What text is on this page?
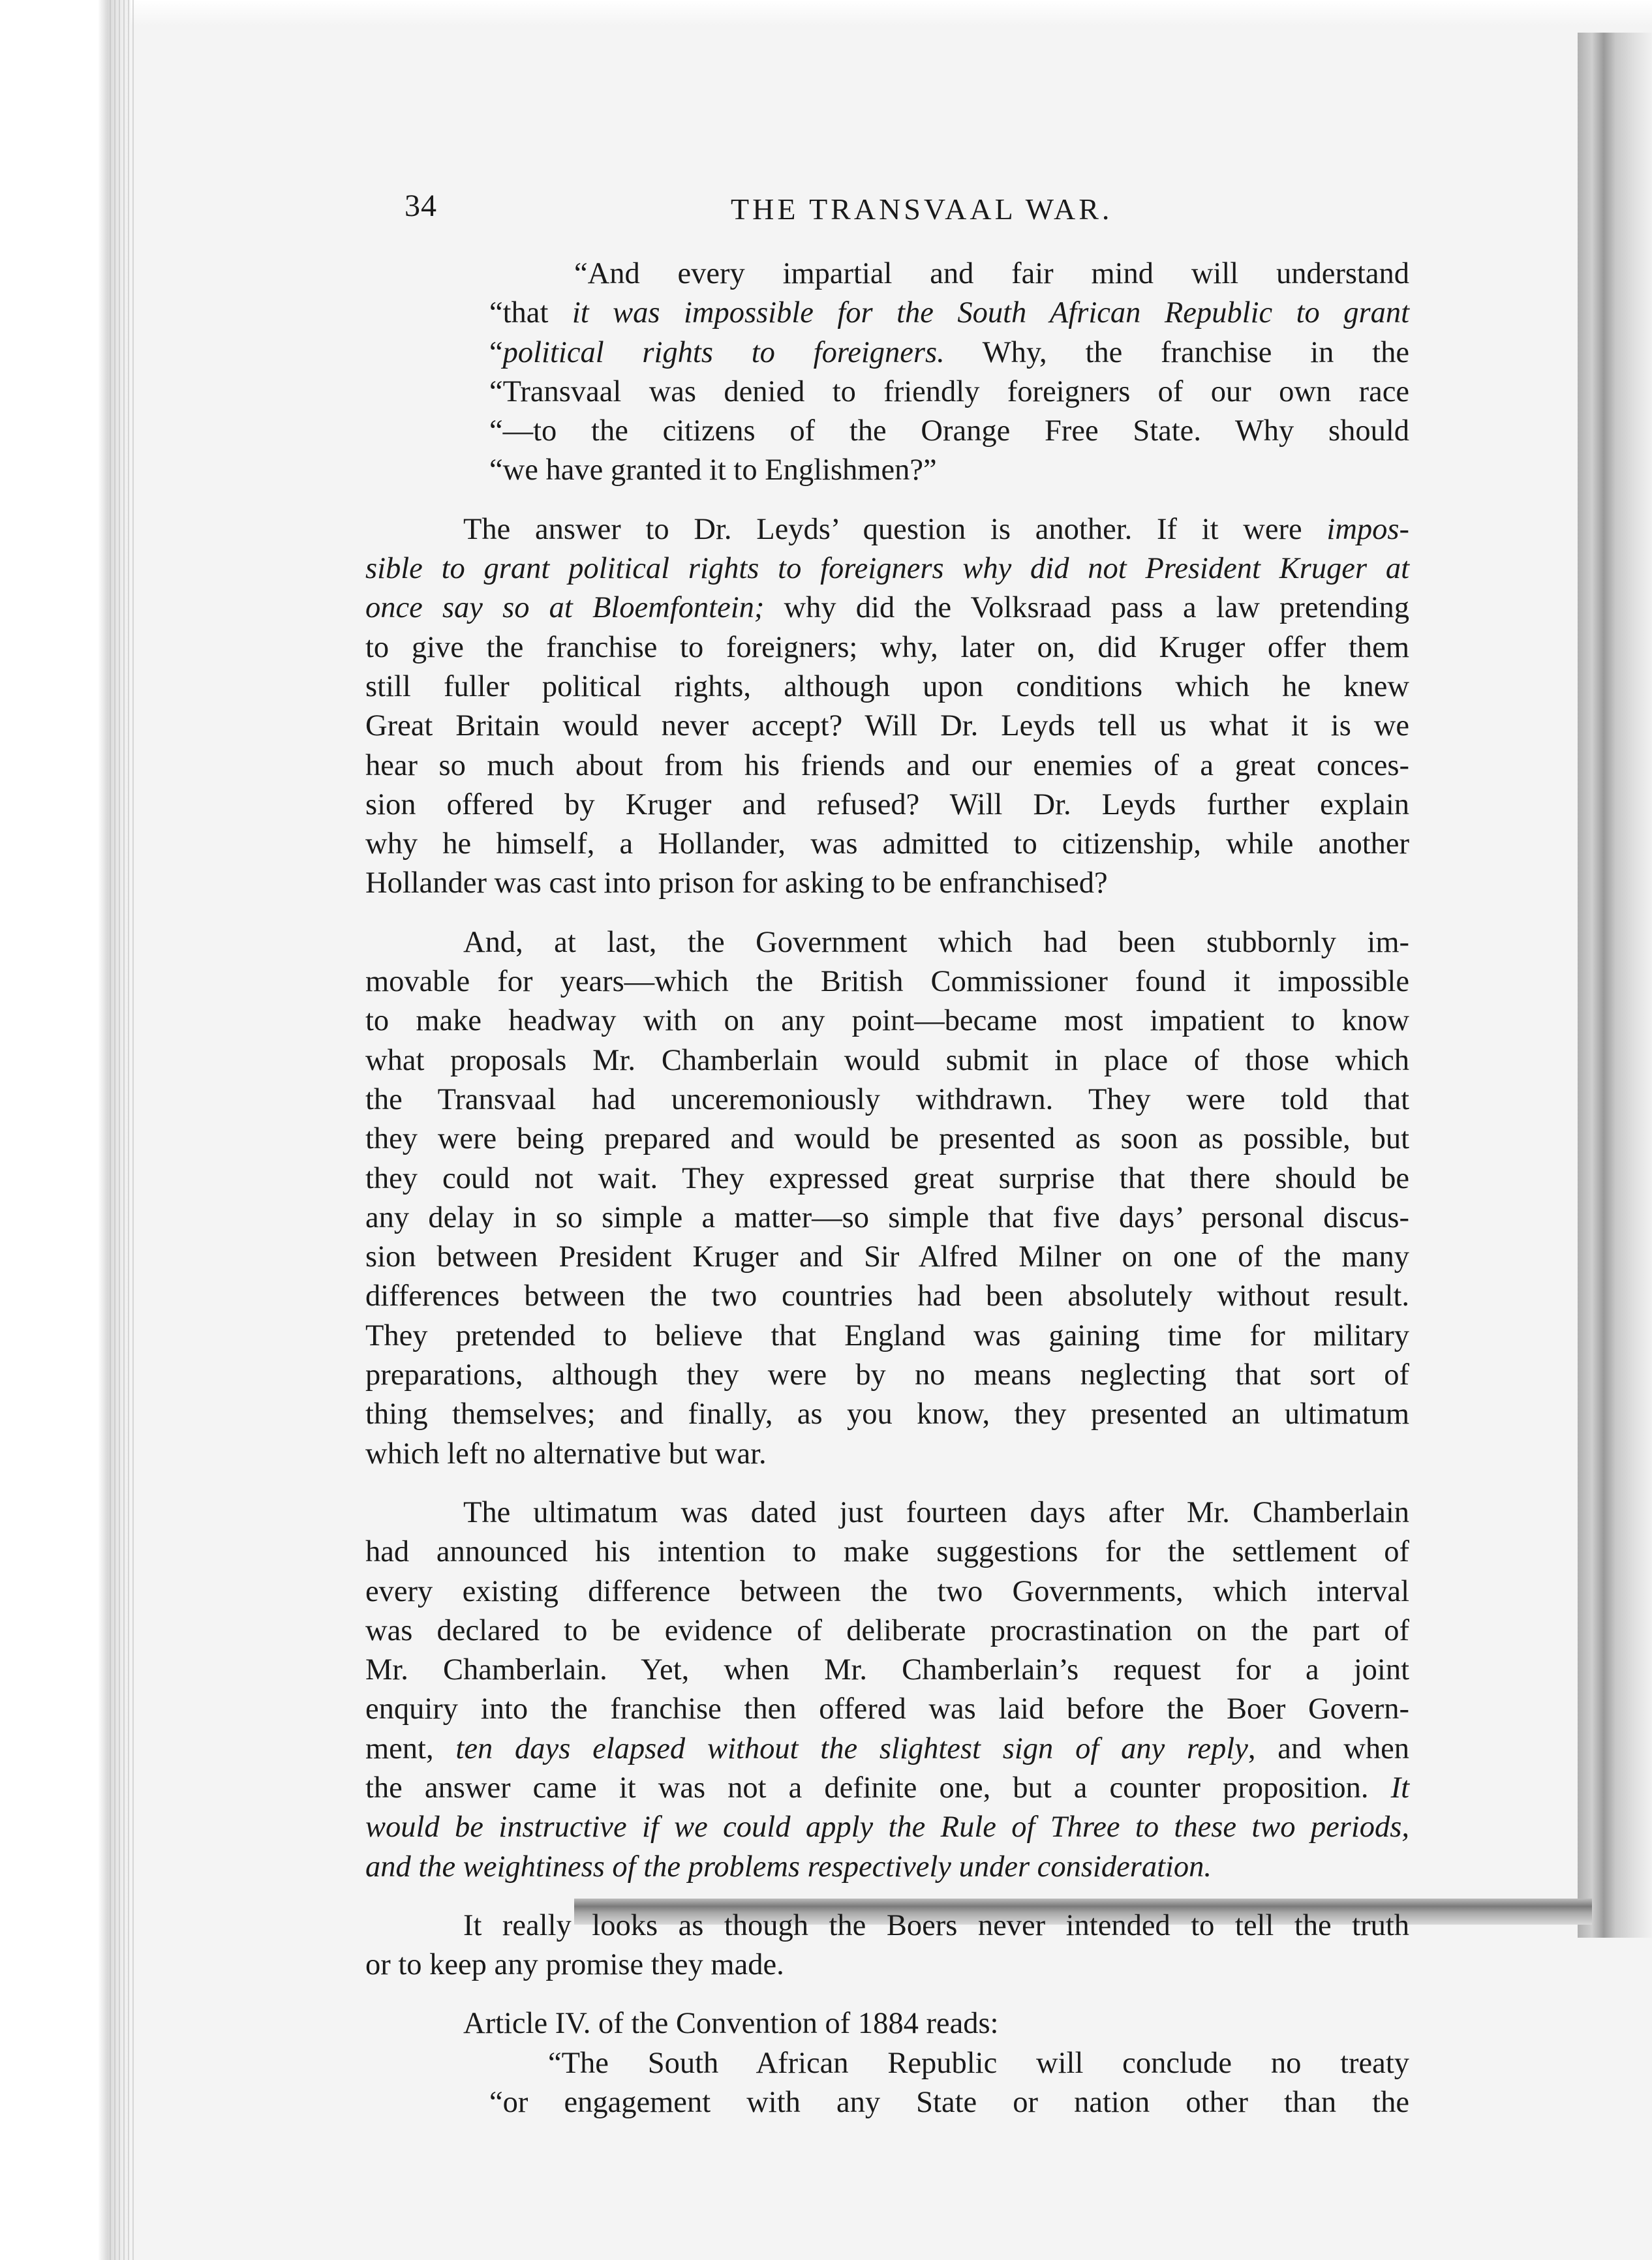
34	THE TRANSVAAL WAR.
“And every impartial and fair mind will understand
“that it was impossible for the South African Republic to grant
“political rights to foreigners. Why, the franchise in the
“Transvaal was denied to friendly foreigners of our own race
“—to the citizens of the Orange Free State. Why should
“we have granted it to Englishmen?”
The answer to Dr. Leyds’ question is another. If it were impos-
sible to grant political rights to foreigners why did not President Kruger at
once say so at Bloemfontein; why did the Volksraad pass a law pretending
to give the franchise to foreigners; why, later on, did Kruger offer them
still fuller political rights, although upon conditions which he knew
Great Britain would never accept? Will Dr. Leyds tell us what it is we
hear so much about from his friends and our enemies of a great conces-
sion offered by Kruger and refused? Will Dr. Leyds further explain
why he himself, a Hollander, was admitted to citizenship, while another
Hollander was cast into prison for asking to be enfranchised?
And, at last, the Government which had been stubbornly im-
movable for years—which the British Commissioner found it impossible
to make headway with on any point—became most impatient to know
what proposals Mr. Chamberlain would submit in place of those which
the Transvaal had unceremoniously withdrawn. They were told that
they were being prepared and would be presented as soon as possible, but
they could not wait. They expressed great surprise that there should be
any delay in so simple a matter—so simple that five days’ personal discus-
sion between President Kruger and Sir Alfred Milner on one of the many
differences between the two countries had been absolutely without result.
They pretended to believe that England was gaining time for military
preparations, although they were by no means neglecting that sort of
thing themselves; and finally, as you know, they presented an ultimatum
which left no alternative but war.
The ultimatum was dated just fourteen days after Mr. Chamberlain
had announced his intention to make suggestions for the settlement of
every existing difference between the two Governments, which interval
was declared to be evidence of deliberate procrastination on the part of
Mr. Chamberlain. Yet, when Mr. Chamberlain’s request for a joint
enquiry into the franchise then offered was laid before the Boer Govern-
ment, ten days elapsed without the slightest sign of any reply, and when
the answer came it was not a definite one, but a counter proposition. It
would be instructive if we could apply the Rule of Three to these two periods,
and the weightiness of the problems respectively under consideration.
It really looks as though the Boers never intended to tell the truth
or to keep any promise they made.
Article IV. of the Convention of 1884 reads:
“The South African Republic will conclude no treaty
“or engagement with any State or nation other than the
